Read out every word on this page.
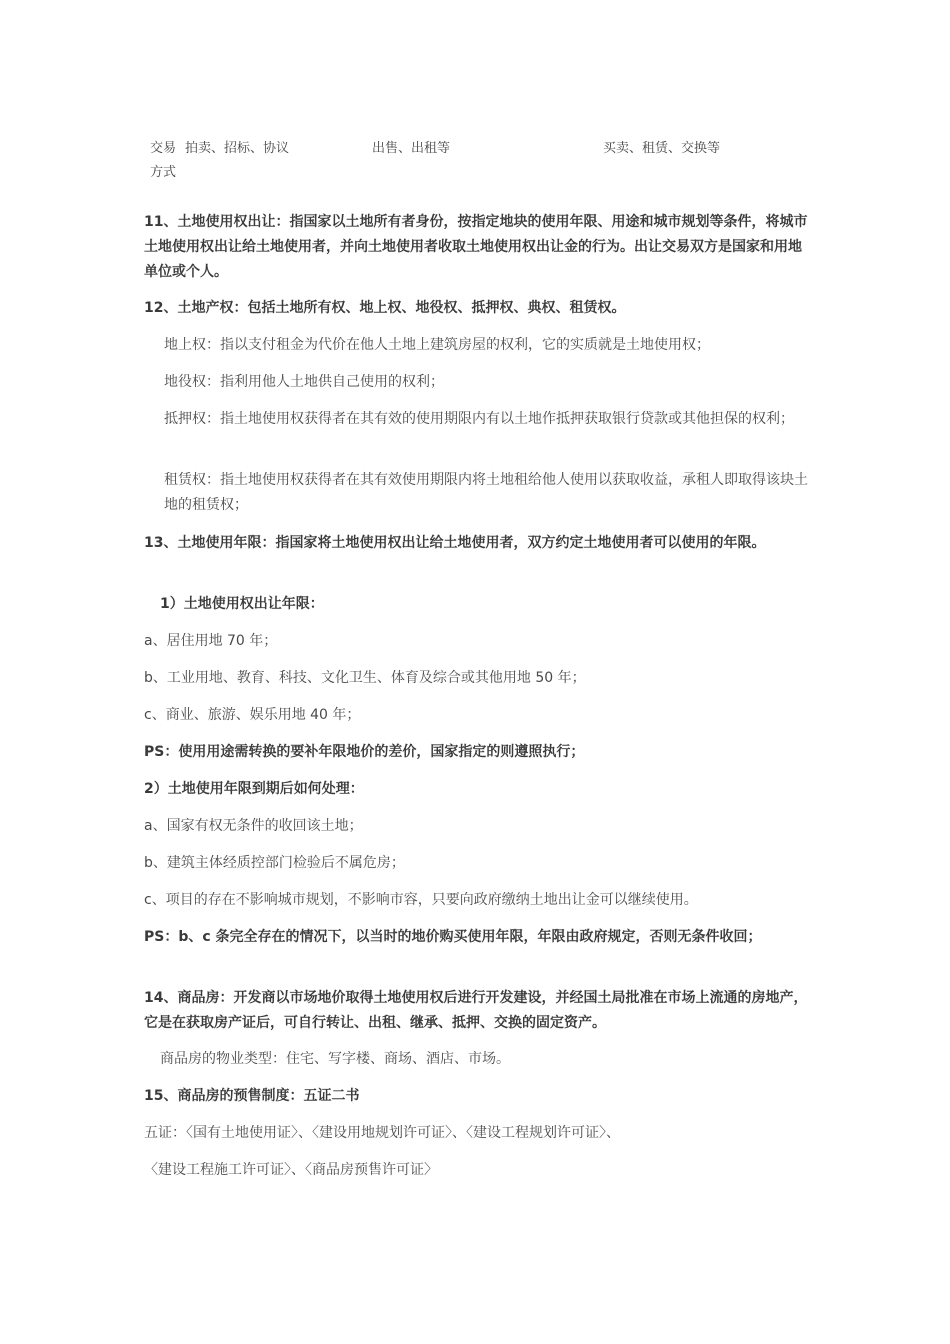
交易
方式
拍卖、招标、协议	出售、出租等	买卖、租赁、交换等

11、土地使用权出让：指国家以土地所有者身份，按指定地块的使用年限、用途和城市规划等条件，将城市土地使用权出让给土地使用者，并向土地使用者收取土地使用权出让金的行为。出让交易双方是国家和用地单位或个人。

12、土地产权：包括土地所有权、地上权、地役权、抵押权、典权、租赁权。

地上权：指以支付租金为代价在他人土地上建筑房屋的权利，它的实质就是土地使用权；

地役权：指利用他人土地供自己使用的权利；

抵押权：指土地使用权获得者在其有效的使用期限内有以土地作抵押获取银行贷款或其他担保的权利；

租赁权：指土地使用权获得者在其有效使用期限内将土地租给他人使用以获取收益，承租人即取得该块土地的租赁权；

13、土地使用年限：指国家将土地使用权出让给土地使用者，双方约定土地使用者可以使用的年限。

1）土地使用权出让年限：

a、居住用地 70 年；

b、工业用地、教育、科技、文化卫生、体育及综合或其他用地 50 年；

c、商业、旅游、娱乐用地 40 年；

PS：使用用途需转换的要补年限地价的差价，国家指定的则遵照执行；

2）土地使用年限到期后如何处理：

a、国家有权无条件的收回该土地；

b、建筑主体经质控部门检验后不属危房；

c、项目的存在不影响城市规划，不影响市容，只要向政府缴纳土地出让金可以继续使用。

PS：b、c 条完全存在的情况下，以当时的地价购买使用年限，年限由政府规定，否则无条件收回；

14、商品房：开发商以市场地价取得土地使用权后进行开发建设，并经国土局批准在市场上流通的房地产，它是在获取房产证后，可自行转让、出租、继承、抵押、交换的固定资产。

商品房的物业类型：住宅、写字楼、商场、酒店、市场。

15、商品房的预售制度：五证二书

五证：〈国有土地使用证〉、〈建设用地规划许可证〉、〈建设工程规划许可证〉、

〈建设工程施工许可证〉、〈商品房预售许可证〉
